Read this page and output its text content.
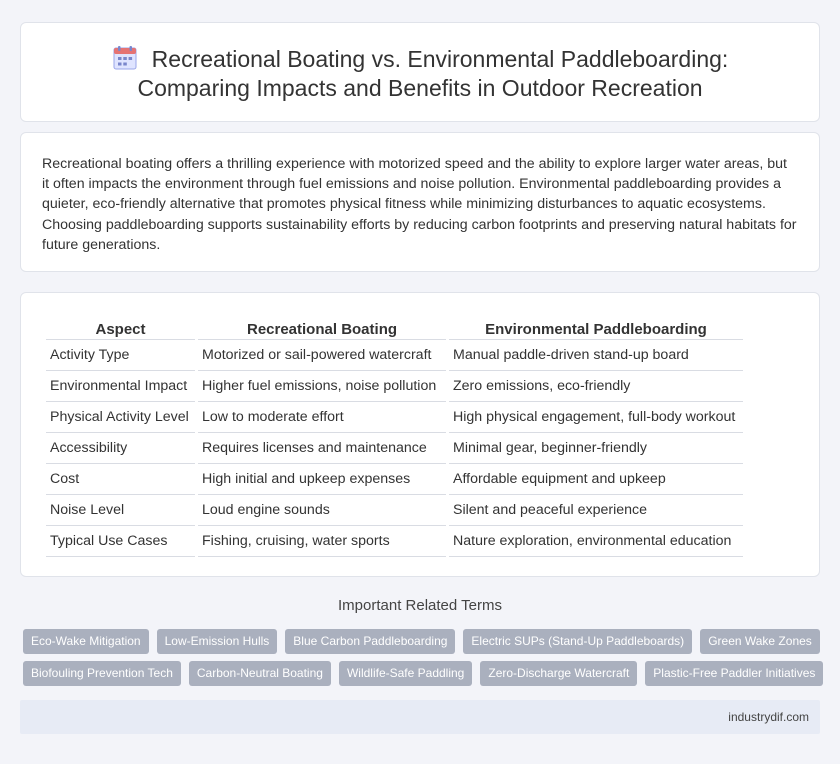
Recreational Boating vs. Environmental Paddleboarding:
Comparing Impacts and Benefits in Outdoor Recreation

Recreational boating offers a thrilling experience with motorized speed and the ability to explore larger water areas, but it often impacts the environment through fuel emissions and noise pollution. Environmental paddleboarding provides a quieter, eco-friendly alternative that promotes physical fitness while minimizing disturbances to aquatic ecosystems. Choosing paddleboarding supports sustainability efforts by reducing carbon footprints and preserving natural habitats for future generations.

Aspect	Recreational Boating	Environmental Paddleboarding
Activity Type	Motorized or sail-powered watercraft	Manual paddle-driven stand-up board
Environmental Impact	Higher fuel emissions, noise pollution	Zero emissions, eco-friendly
Physical Activity Level	Low to moderate effort	High physical engagement, full-body workout
Accessibility	Requires licenses and maintenance	Minimal gear, beginner-friendly
Cost	High initial and upkeep expenses	Affordable equipment and upkeep
Noise Level	Loud engine sounds	Silent and peaceful experience
Typical Use Cases	Fishing, cruising, water sports	Nature exploration, environmental education
Important Related Terms
Eco-Wake Mitigation	Low-Emission Hulls	Blue Carbon Paddleboarding	Electric SUPs (Stand-Up Paddleboards)	Green Wake Zones
Biofouling Prevention Tech	Carbon-Neutral Boating	Wildlife-Safe Paddling	Zero-Discharge Watercraft	Plastic-Free Paddler Initiatives
industrydif.com
